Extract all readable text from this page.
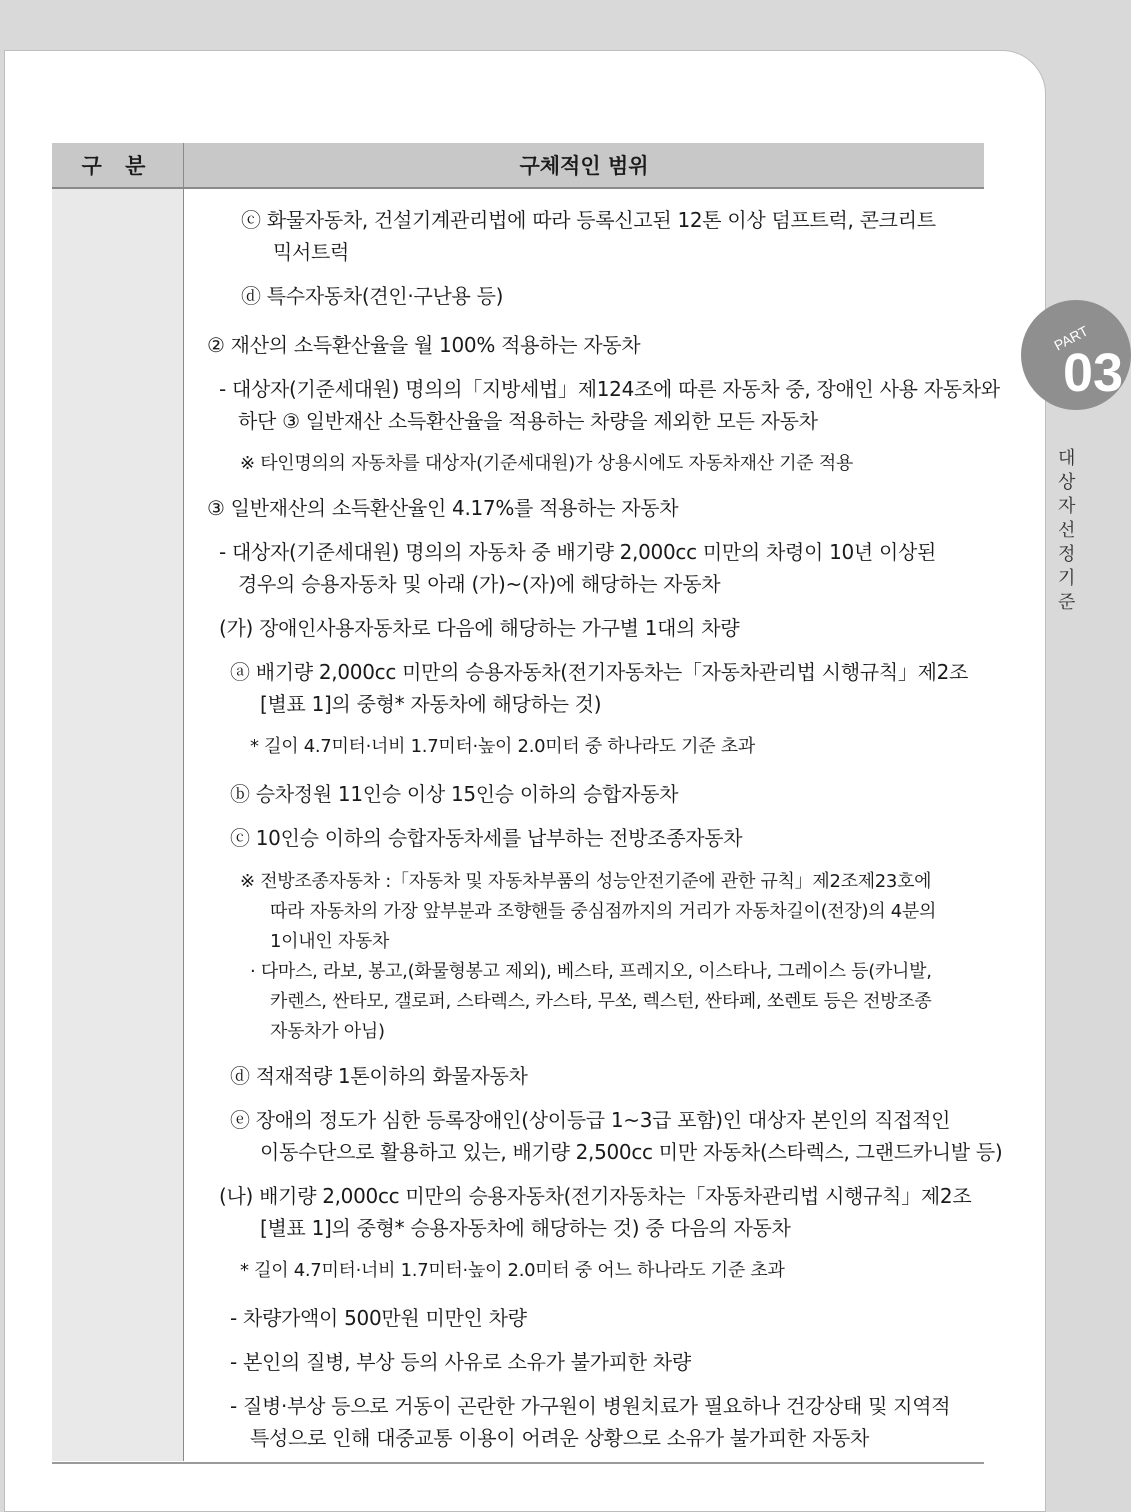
PART
03
대상자 선정기준
구 분	구체적인 범위

ⓒ 화물자동차, 건설기계관리법에 따라 등록신고된 12톤 이상 덤프트럭, 콘크리트

믹서트럭

ⓓ 특수자동차(견인·구난용 등)

② 재산의 소득환산율을 월 100% 적용하는 자동차

- 대상자(기준세대원) 명의의「지방세법」제124조에 따른 자동차 중, 장애인 사용 자동차와

하단 ③ 일반재산 소득환산율을 적용하는 차량을 제외한 모든 자동차

※ 타인명의의 자동차를 대상자(기준세대원)가 상용시에도 자동차재산 기준 적용

③ 일반재산의 소득환산율인 4.17%를 적용하는 자동차

- 대상자(기준세대원) 명의의 자동차 중 배기량 2,000cc 미만의 차령이 10년 이상된

경우의 승용자동차 및 아래 (가)~(자)에 해당하는 자동차

(가) 장애인사용자동차로 다음에 해당하는 가구별 1대의 차량

ⓐ 배기량 2,000cc 미만의 승용자동차(전기자동차는「자동차관리법 시행규칙」제2조

[별표 1]의 중형* 자동차에 해당하는 것)

* 길이 4.7미터·너비 1.7미터·높이 2.0미터 중 하나라도 기준 초과

ⓑ 승차정원 11인승 이상 15인승 이하의 승합자동차

ⓒ 10인승 이하의 승합자동차세를 납부하는 전방조종자동차

※ 전방조종자동차 :「자동차 및 자동차부품의 성능안전기준에 관한 규칙」제2조제23호에

따라 자동차의 가장 앞부분과 조향핸들 중심점까지의 거리가 자동차길이(전장)의 4분의

1이내인 자동차

· 다마스, 라보, 봉고,(화물형봉고 제외), 베스타, 프레지오, 이스타나, 그레이스 등(카니발,

카렌스, 싼타모, 갤로퍼, 스타렉스, 카스타, 무쏘, 렉스턴, 싼타페, 쏘렌토 등은 전방조종

자동차가 아님)

ⓓ 적재적량 1톤이하의 화물자동차

ⓔ 장애의 정도가 심한 등록장애인(상이등급 1~3급 포함)인 대상자 본인의 직접적인

이동수단으로 활용하고 있는, 배기량 2,500cc 미만 자동차(스타렉스, 그랜드카니발 등)

(나) 배기량 2,000cc 미만의 승용자동차(전기자동차는「자동차관리법 시행규칙」제2조

[별표 1]의 중형* 승용자동차에 해당하는 것) 중 다음의 자동차

* 길이 4.7미터·너비 1.7미터·높이 2.0미터 중 어느 하나라도 기준 초과

- 차량가액이 500만원 미만인 차량

- 본인의 질병, 부상 등의 사유로 소유가 불가피한 차량

- 질병·부상 등으로 거동이 곤란한 가구원이 병원치료가 필요하나 건강상태 및 지역적

특성으로 인해 대중교통 이용이 어려운 상황으로 소유가 불가피한 자동차
